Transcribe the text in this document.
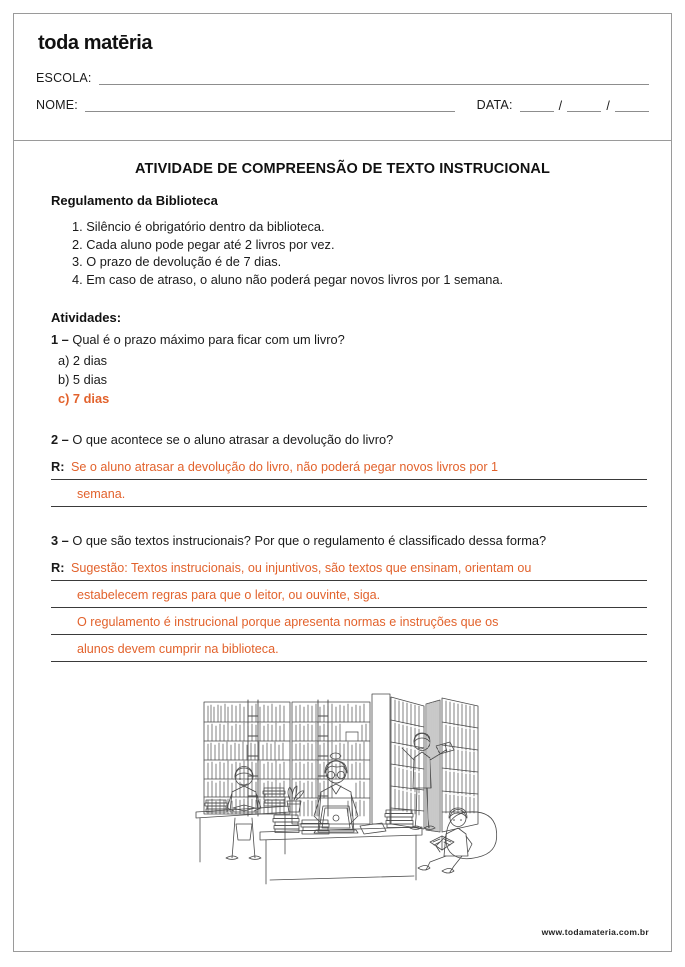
toda matēria
ESCOLA:
NOME:	DATA:	/	/
ATIVIDADE DE COMPREENSÃO DE TEXTO INSTRUCIONAL
Regulamento da Biblioteca
1. Silêncio é obrigatório dentro da biblioteca.
2. Cada aluno pode pegar até 2 livros por vez.
3. O prazo de devolução é de 7 dias.
4. Em caso de atraso, o aluno não poderá pegar novos livros por 1 semana.
Atividades:
1 – Qual é o prazo máximo para ficar com um livro?
a) 2 dias
b) 5 dias
c) 7 dias
2 – O que acontece se o aluno atrasar a devolução do livro?
R: Se o aluno atrasar a devolução do livro, não poderá pegar novos livros por 1
semana.
3 – O que são textos instrucionais? Por que o regulamento é classificado dessa forma?
R: Sugestão: Textos instrucionais, ou injuntivos, são textos que ensinam, orientam ou
estabelecem regras para que o leitor, ou ouvinte, siga.
O regulamento é instrucional porque apresenta normas e instruções que os
alunos devem cumprir na biblioteca.
www.todamateria.com.br
